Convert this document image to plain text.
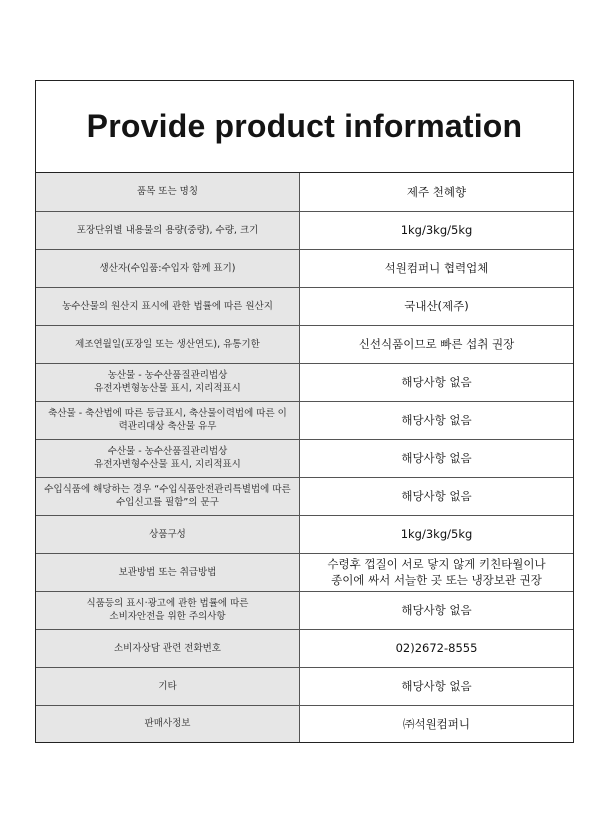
Provide product information
품목 또는 명칭	제주 천혜향
포장단위별 내용물의 용량(중량), 수량, 크기	1kg/3kg/5kg
생산자(수입품:수입자 함께 표기)	석원컴퍼니 협력업체
농수산물의 원산지 표시에 관한 법률에 따른 원산지	국내산(제주)
제조연월일(포장일 또는 생산연도), 유통기한	신선식품이므로 빠른 섭취 권장
농산물 - 농수산품질관리법상
유전자변형농산물 표시, 지리적표시	해당사항 없음
축산물 - 축산법에 따른 등급표시, 축산물이력법에 따른 이
력관리대상 축산물 유무	해당사항 없음
수산물 - 농수산품질관리법상
유전자변형수산물 표시, 지리적표시	해당사항 없음
수입식품에 해당하는 경우 “수입식품안전관리특별법에 따른
수입신고를 필함”의 문구	해당사항 없음
상품구성	1kg/3kg/5kg
보관방법 또는 취급방법	수령후 껍질이 서로 닿지 않게 키친타월이나
종이에 싸서 서늘한 곳 또는 냉장보관 권장
식품등의 표시·광고에 관한 법률에 따른
소비자안전을 위한 주의사항	해당사항 없음
소비자상담 관련 전화번호	02)2672-8555
기타	해당사항 없음
판매사정보	㈜석원컴퍼니
